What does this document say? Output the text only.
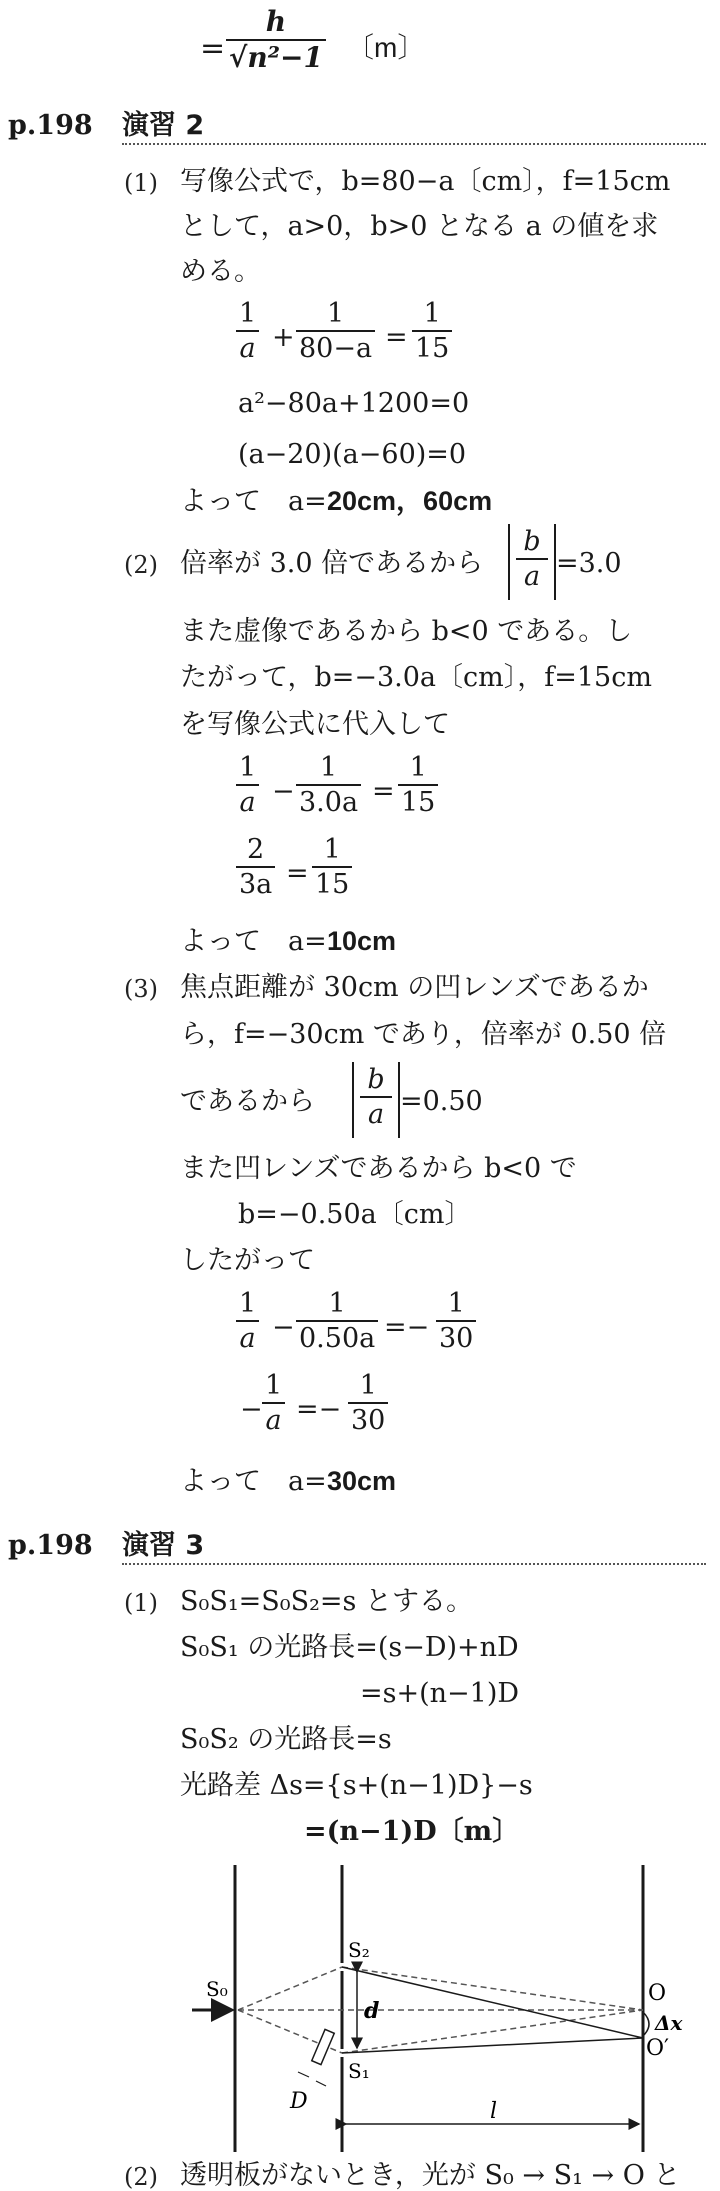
=
h
√n²−1 〔m〕
p.198 演習 2
(1) 写像公式で，b=80−a〔cm〕，f=15cm
として，a>0，b>0 となる a の値を求
める。
1
a +
1
80−a =
1
15
a²−80a+1200=0
(a−20)(a−60)=0
よって　a= 20cm，60cm
(2) 倍率が 3.0 倍であるから
b
a =3.0
また虚像であるから b<0 である。し
たがって，b=−3.0a〔cm〕，f=15cm
を写像公式に代入して
1
a −
1
3.0a =
1
15
2
3a =
1
15
よって　a= 10cm
(3) 焦点距離が 30cm の凹レンズであるか
ら，f=−30cm であり，倍率が 0.50 倍
であるから
b
a =0.50
また凹レンズであるから b<0 で
b=−0.50a〔cm〕
したがって
1
a −
1
0.50a =−
1
30
−
1
a =−
1
30
よって　a= 30cm
p.198 演習 3
(1) S₀S₁=S₀S₂=s とする。
S₀S₁ の光路長=(s−D)+nD
=s+(n−1)D
S₀S₂ の光路長=s
光路差 Δs={s+(n−1)D}−s
=(n−1)D〔m〕
S₀
S₂
S₁
d
D	l
O
O′
Δx
(2) 透明板がないとき，光が S₀ → S₁ → O と
